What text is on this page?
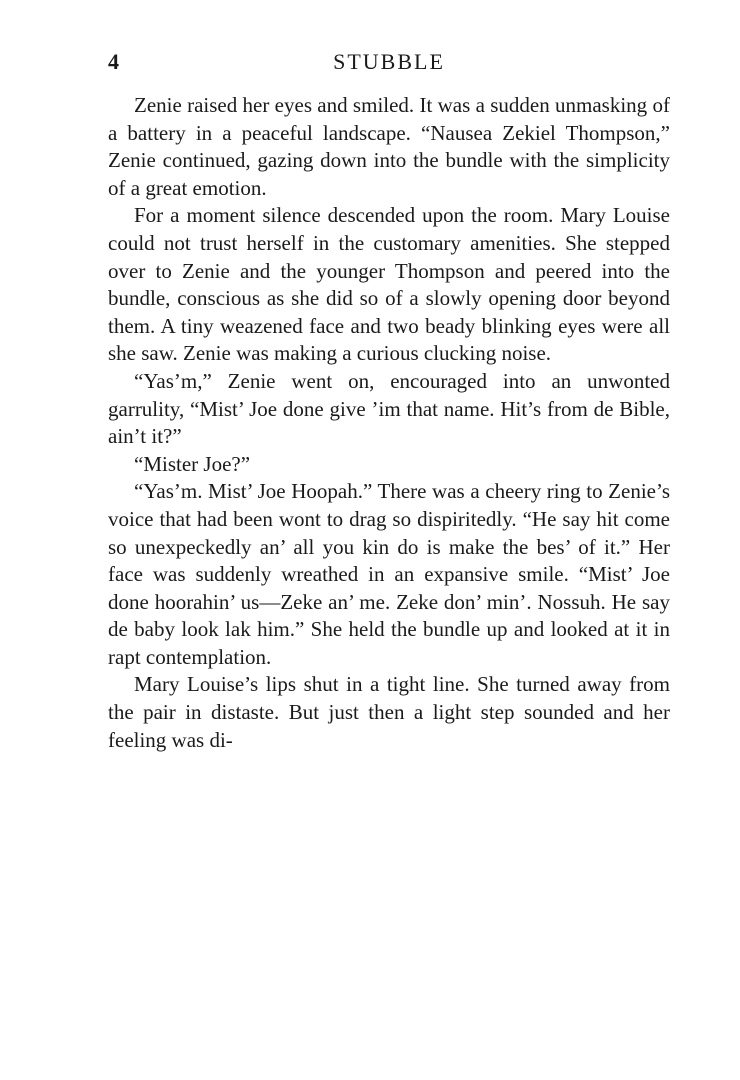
4	STUBBLE

Zenie raised her eyes and smiled. It was a sudden unmasking of a battery in a peaceful landscape. “Nausea Zekiel Thompson,” Zenie continued, gazing down into the bundle with the simplicity of a great emotion.

For a moment silence descended upon the room. Mary Louise could not trust herself in the customary amenities. She stepped over to Zenie and the younger Thompson and peered into the bundle, conscious as she did so of a slowly opening door beyond them. A tiny weazened face and two beady blinking eyes were all she saw. Zenie was making a curious clucking noise.

“Yas’m,” Zenie went on, encouraged into an unwonted garrulity, “Mist’ Joe done give ’im that name. Hit’s from de Bible, ain’t it?”

“Mister Joe?”

“Yas’m. Mist’ Joe Hoopah.” There was a cheery ring to Zenie’s voice that had been wont to drag so dispiritedly. “He say hit come so unexpeckedly an’ all you kin do is make the bes’ of it.” Her face was suddenly wreathed in an expansive smile. “Mist’ Joe done hoorahin’ us—Zeke an’ me. Zeke don’ min’. Nossuh. He say de baby look lak him.” She held the bundle up and looked at it in rapt contemplation.

Mary Louise’s lips shut in a tight line. She turned away from the pair in distaste. But just then a light step sounded and her feeling was di-
